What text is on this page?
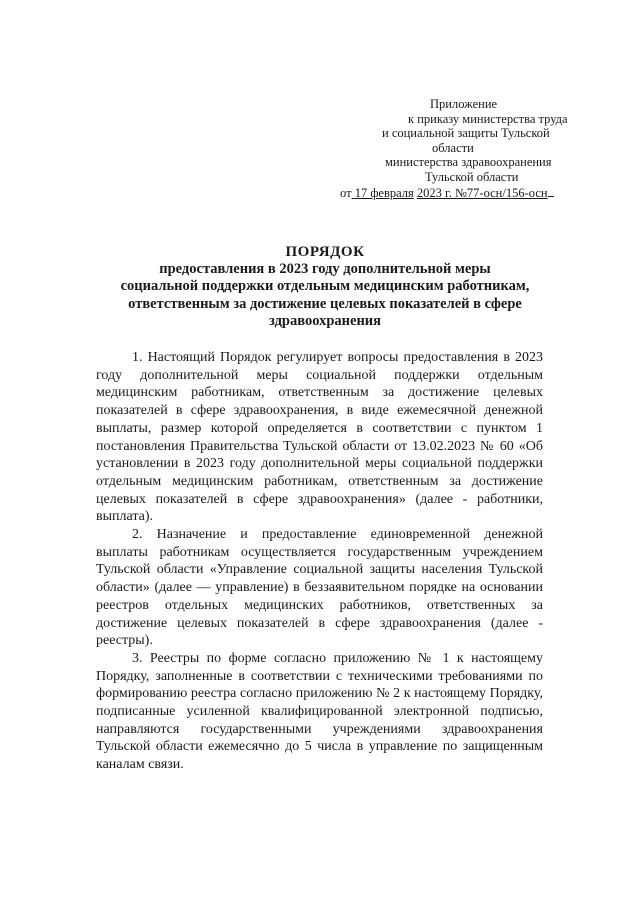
Приложение
к приказу министерства труда
и социальной защиты Тульской
области
министерства здравоохранения
Тульской области
от 17 февраля 2023 г. №77-осн/156-осн
ПОРЯДОК
предоставления в 2023 году дополнительной меры
социальной поддержки отдельным медицинским работникам,
ответственным за достижение целевых показателей в сфере
здравоохранения

1. Настоящий Порядок регулирует вопросы предоставления в 2023 году дополнительной меры социальной поддержки отдельным медицинским работникам, ответственным за достижение целевых показателей в сфере здравоохранения, в виде ежемесячной денежной выплаты, размер которой определяется в соответствии с пунктом 1 постановления Правительства Тульской области от 13.02.2023 № 60 «Об установлении в 2023 году дополнительной меры социальной поддержки отдельным медицинским работникам, ответственным за достижение целевых показателей в сфере здравоохранения» (далее - работники, выплата).

2. Назначение и предоставление единовременной денежной выплаты работникам осуществляется государственным учреждением Тульской области «Управление социальной защиты населения Тульской области» (далее — управление) в беззаявительном порядке на основании реестров отдельных медицинских работников, ответственных за достижение целевых показателей в сфере здравоохранения (далее - реестры).

3. Реестры по форме согласно приложению № 1 к настоящему Порядку, заполненные в соответствии с техническими требованиями по формированию реестра согласно приложению № 2 к настоящему Порядку, подписанные усиленной квалифицированной электронной подписью, направляются государственными учреждениями здравоохранения Тульской области ежемесячно до 5 числа в управление по защищенным каналам связи.
